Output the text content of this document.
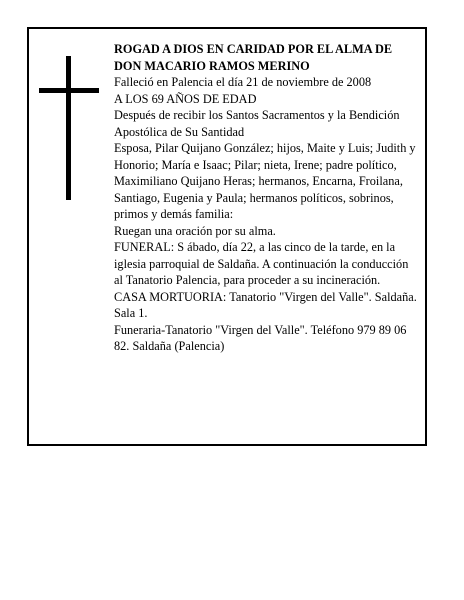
ROGAD A DIOS EN CARIDAD POR EL ALMA DE

DON MACARIO RAMOS MERINO

Falleció en Palencia el día 21 de noviembre de 2008

A LOS 69 AÑOS DE EDAD

Después de recibir los Santos Sacramentos y la Bendición Apostólica de Su Santidad

Esposa, Pilar Quijano González; hijos, Maite y Luis; Judith y Honorio; María e Isaac; Pilar; nieta, Irene; padre político, Maximiliano Quijano Heras; hermanos, Encarna, Froilana, Santiago, Eugenia y Paula; hermanos políticos, sobrinos, primos y demás familia:

Ruegan una oración por su alma.

FUNERAL: S ábado, día 22, a las cinco de la tarde, en la iglesia parroquial de Saldaña. A continuación la conducción al Tanatorio Palencia, para proceder a su incineración.

CASA MORTUORIA: Tanatorio "Virgen del Valle". Saldaña. Sala 1.

Funeraria-Tanatorio "Virgen del Valle". Teléfono 979 89 06 82. Saldaña (Palencia)
